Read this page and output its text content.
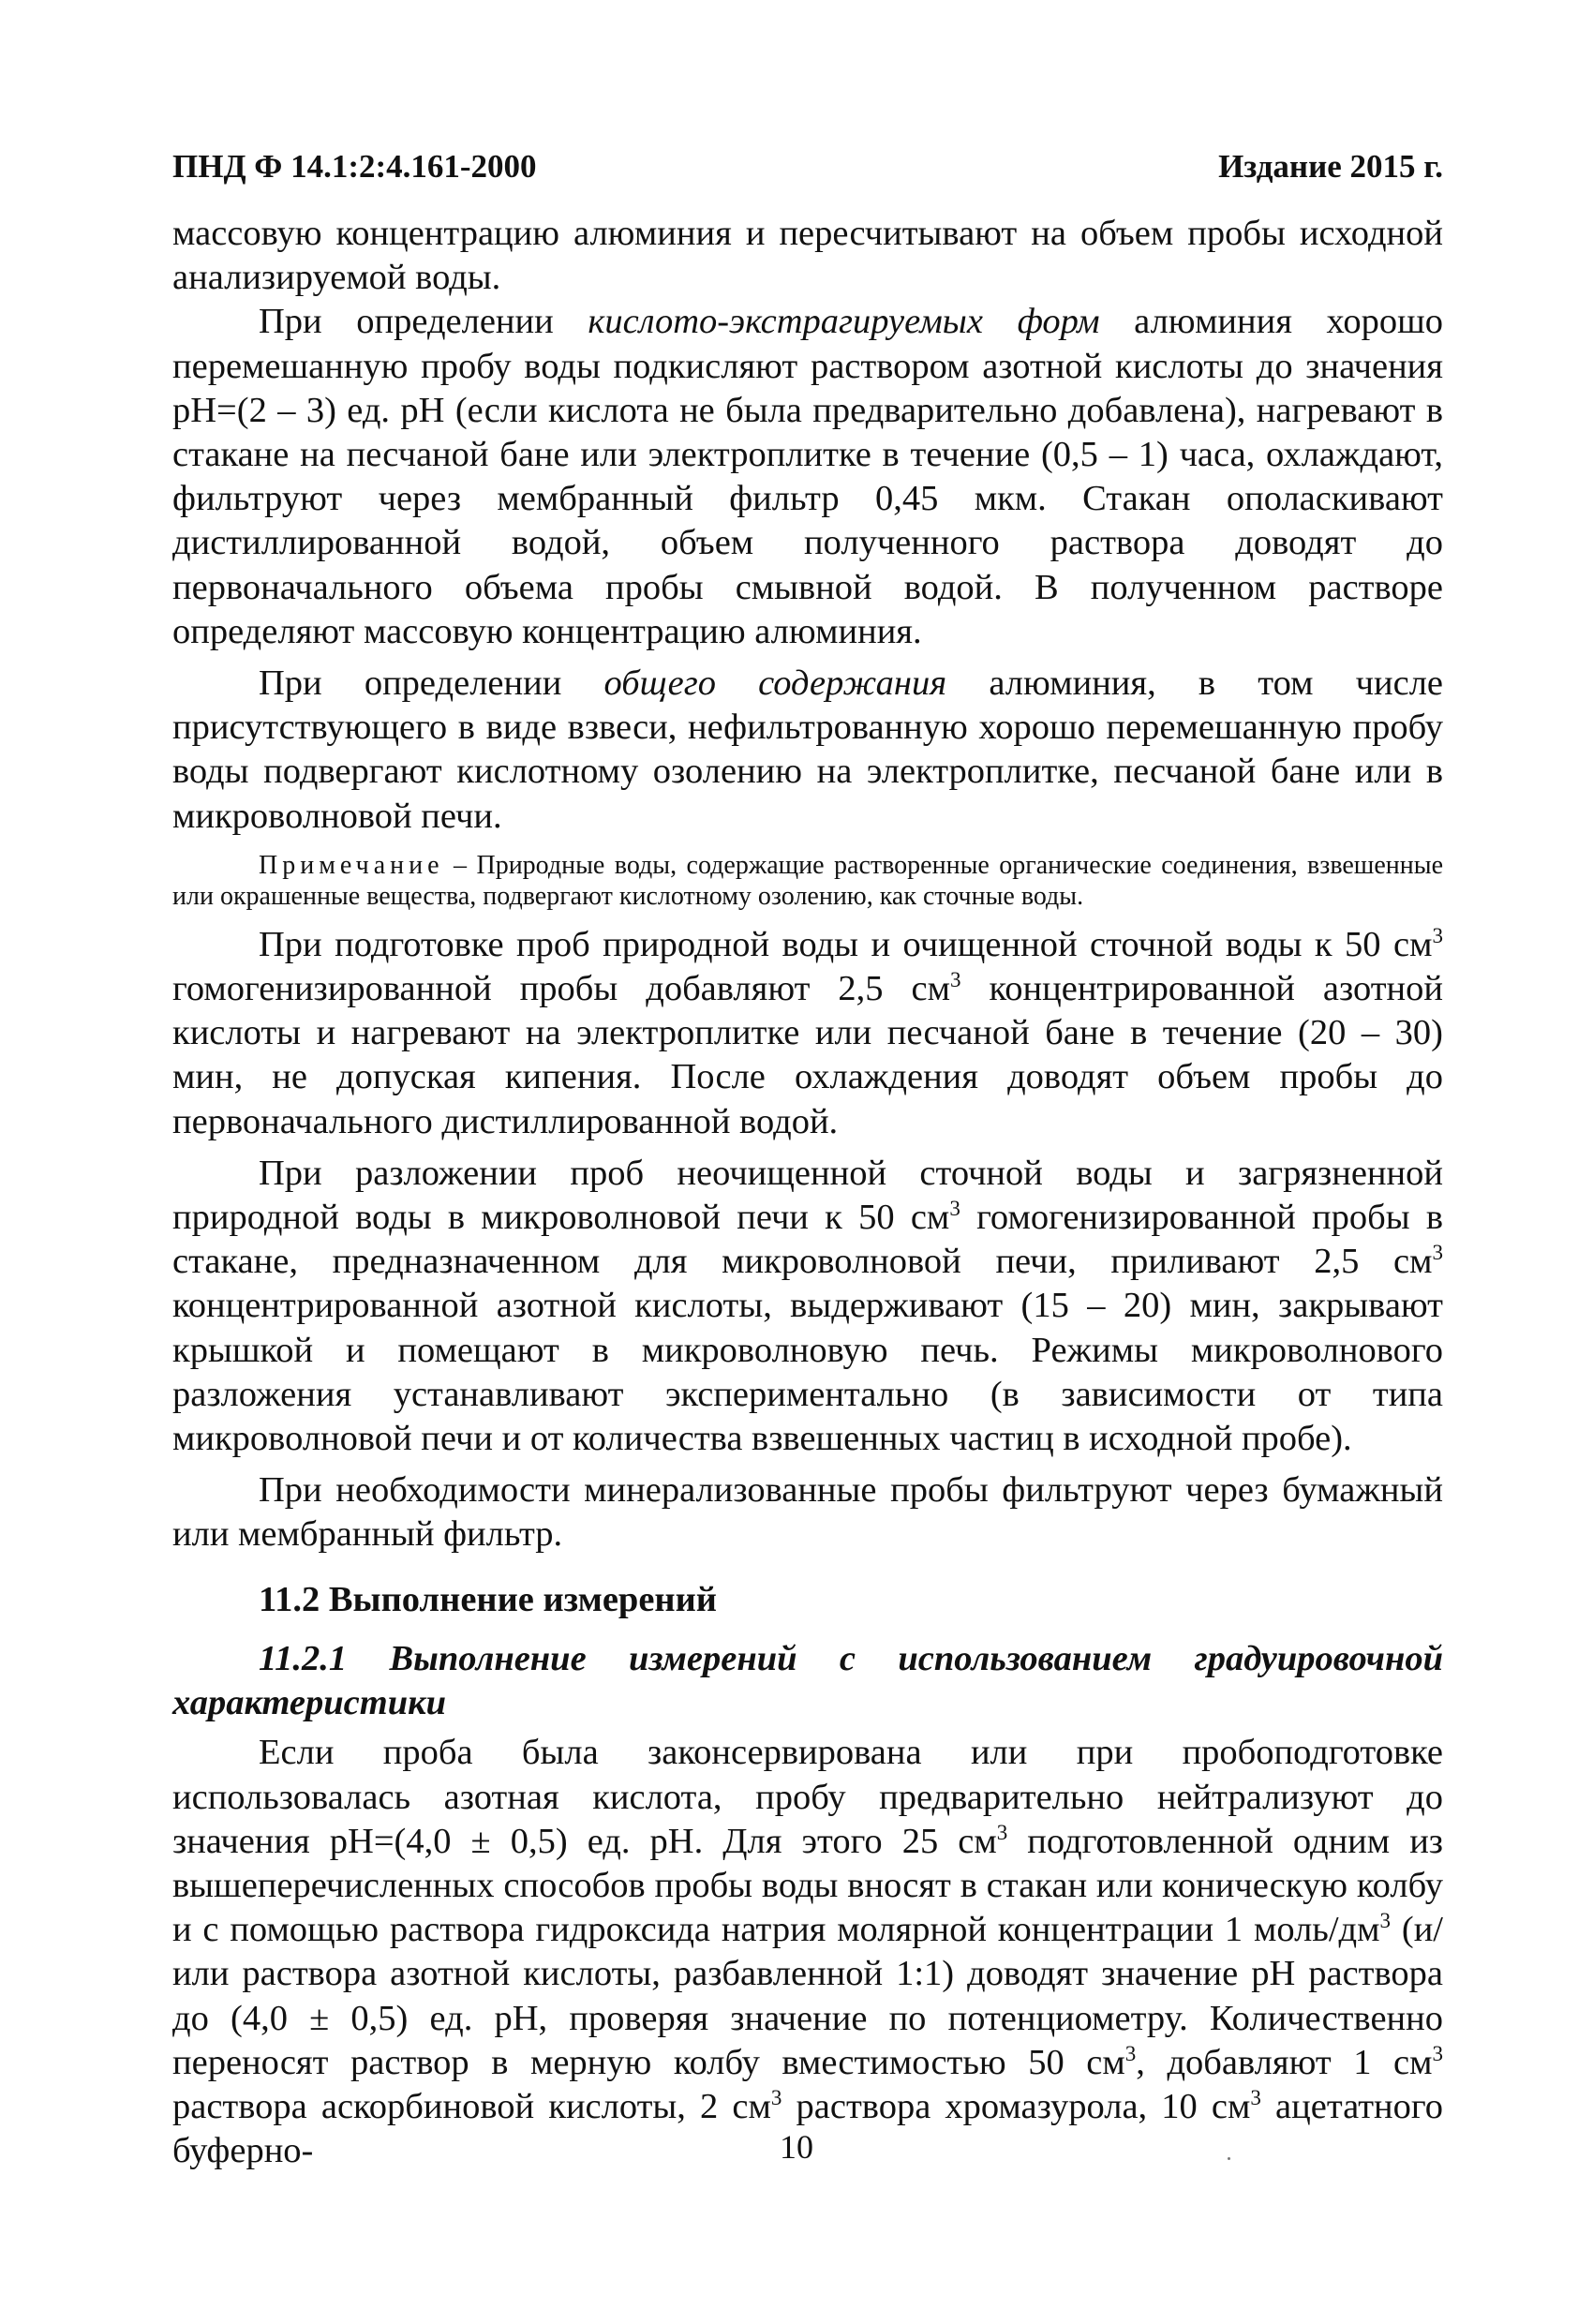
ПНД Ф 14.1:2:4.161-2000	Издание 2015 г.

массовую концентрацию алюминия и пересчитывают на объем пробы исходной анализируемой воды.

При определении кислото-экстрагируемых форм алюминия хорошо перемешанную пробу воды подкисляют раствором азотной кислоты до значения pH=(2 – 3) ед. pH (если кислота не была предварительно добавлена), нагревают в стакане на песчаной бане или электроплитке в течение (0,5 – 1) часа, охлаждают, фильтруют через мембранный фильтр 0,45 мкм. Стакан ополаскивают дистиллированной водой, объем полученного раствора доводят до первоначального объема пробы смывной водой. В полученном растворе определяют массовую концентрацию алюминия.

При определении общего содержания алюминия, в том числе присутствующего в виде взвеси, нефильтрованную хорошо перемешанную пробу воды подвергают кислотному озолению на электроплитке, песчаной бане или в микроволновой печи.

Примечание – Природные воды, содержащие растворенные органические соединения, взвешенные или окрашенные вещества, подвергают кислотному озолению, как сточные воды.

При подготовке проб природной воды и очищенной сточной воды к 50 $см^3$ гомогенизированной пробы добавляют 2,5 $см^3$ концентрированной азотной кислоты и нагревают на электроплитке или песчаной бане в течение (20 – 30) мин, не допуская кипения. После охлаждения доводят объем пробы до первоначального дистиллированной водой.

При разложении проб неочищенной сточной воды и загрязненной природной воды в микроволновой печи к 50 $см^3$ гомогенизированной пробы в стакане, предназначенном для микроволновой печи, приливают 2,5 $см^3$ концентрированной азотной кислоты, выдерживают (15 – 20) мин, закрывают крышкой и помещают в микроволновую печь. Режимы микроволнового разложения устанавливают экспериментально (в зависимости от типа микроволновой печи и от количества взвешенных частиц в исходной пробе).

При необходимости минерализованные пробы фильтруют через бумажный или мембранный фильтр.

11.2 Выполнение измерений
11.2.1 Выполнение измерений с использованием градуировочной характеристики

Если проба была законсервирована или при пробоподготовке использовалась азотная кислота, пробу предварительно нейтрализуют до значения pH=(4,0 ± 0,5) ед. pH. Для этого 25 $см^3$ подготовленной одним из вышеперечисленных способов пробы воды вносят в стакан или коническую колбу и с помощью раствора гидроксида натрия молярной концентрации 1 моль/$дм^3$ (и/или раствора азотной кислоты, разбавленной 1:1) доводят значение pH раствора до (4,0 ± 0,5) ед. pH, проверяя значение по потенциометру. Количественно переносят раствор в мерную колбу вместимостью 50 $см^3$, добавляют 1 $см^3$ раствора аскорбиновой кислоты, 2 $см^3$ раствора хромазурола, 10 $см^3$ ацетатного буферно-	10
